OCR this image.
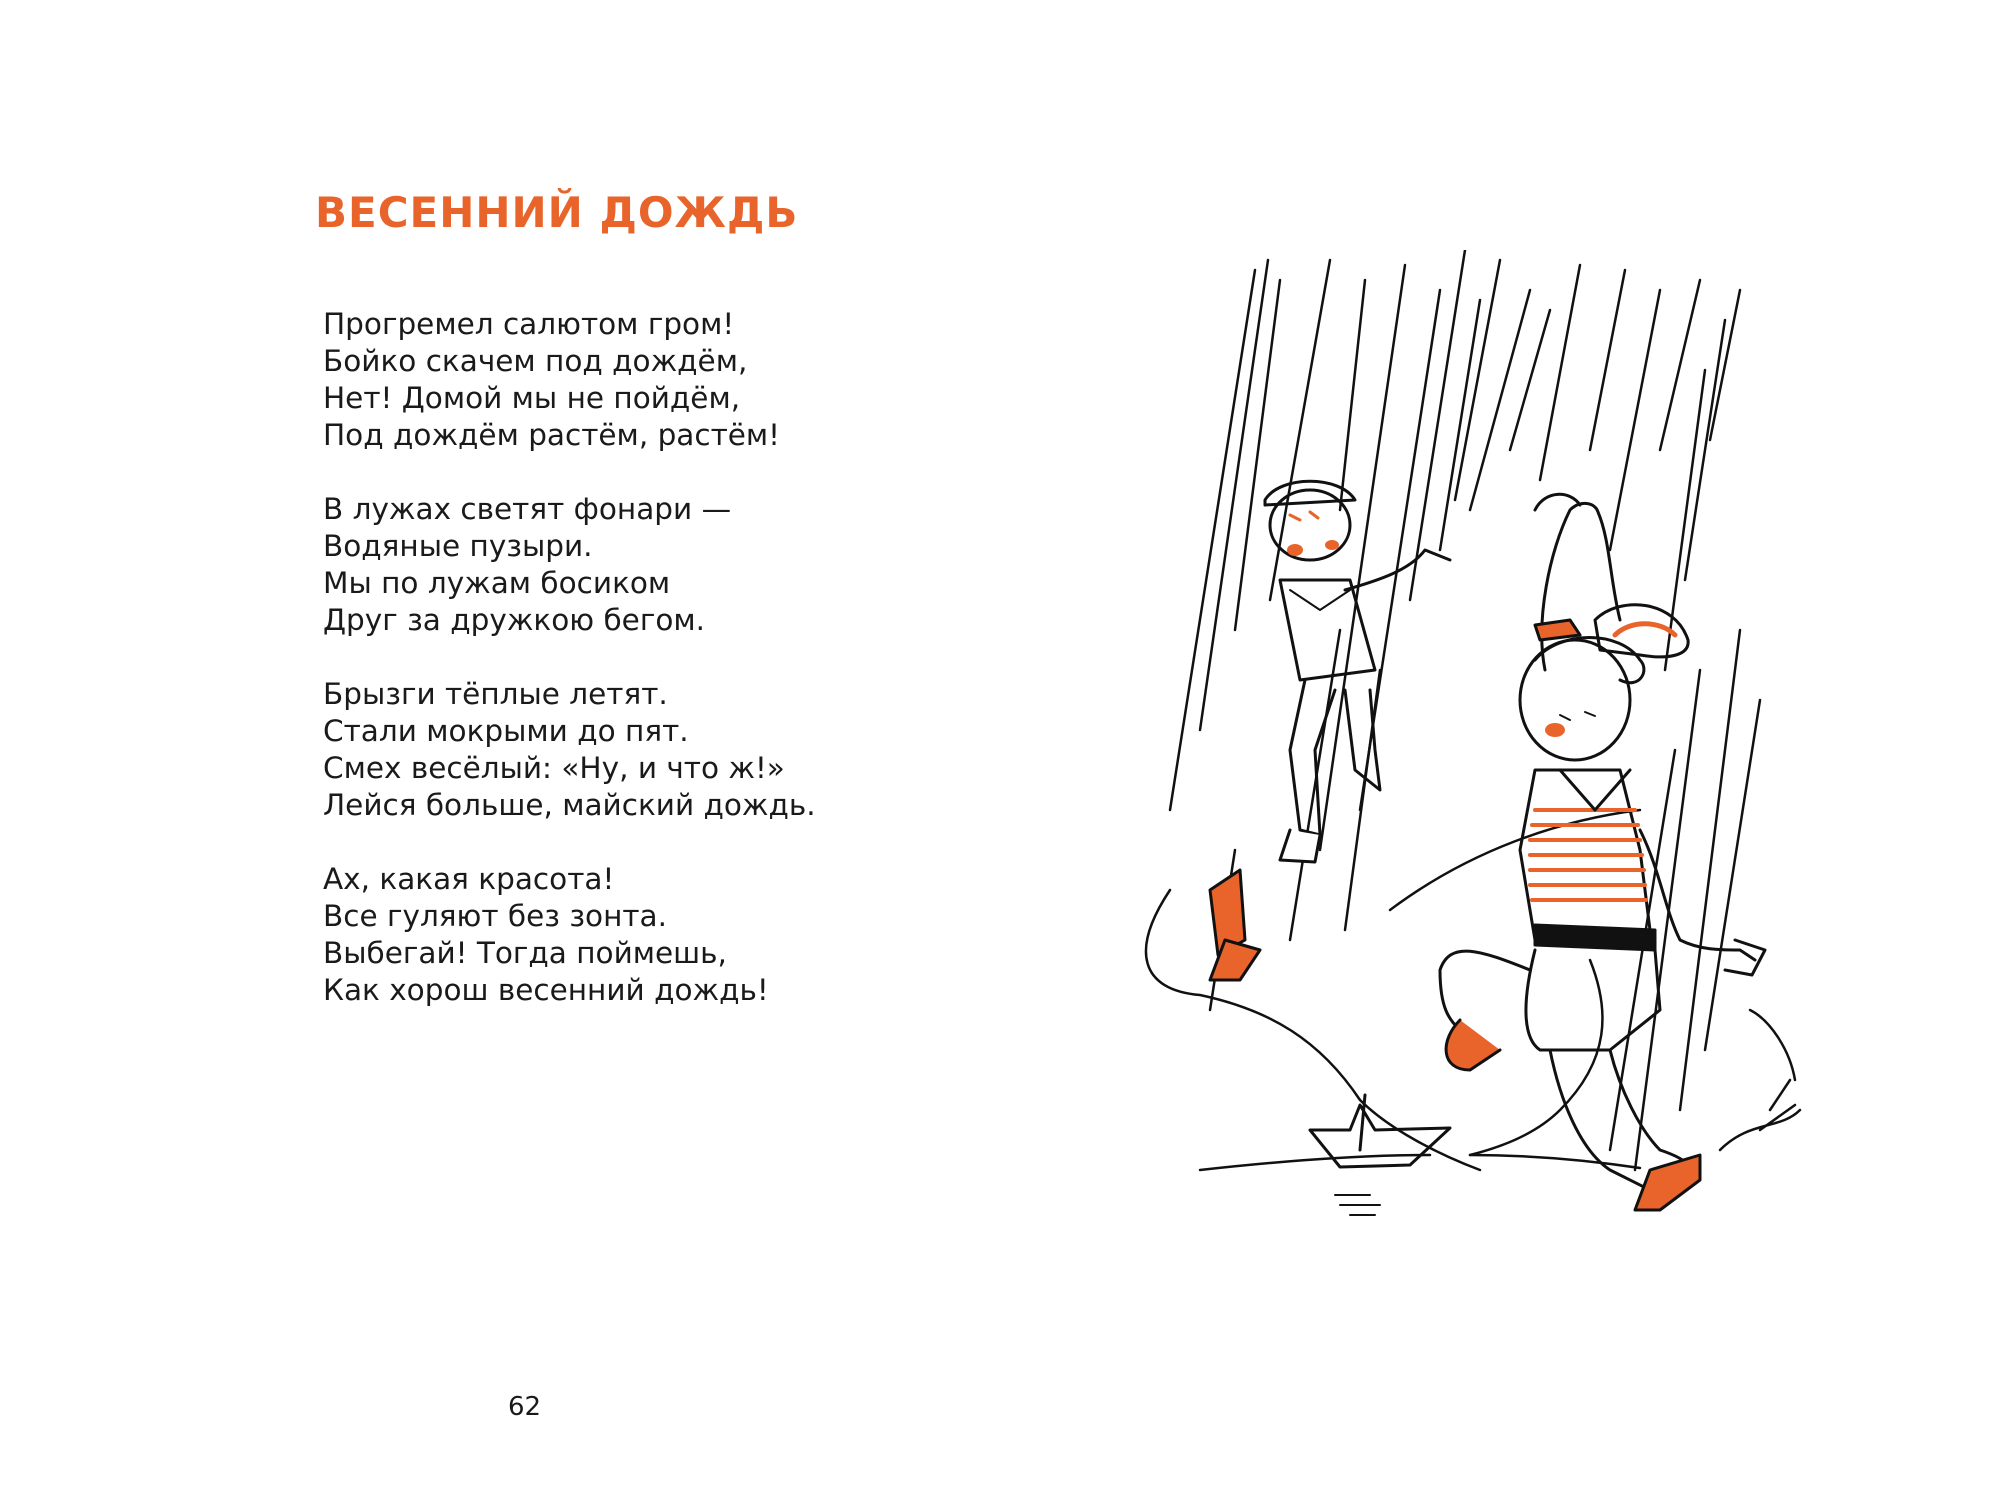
ВЕСЕННИЙ ДОЖДЬ
Прогремел салютом гром!
Бойко скачем под дождём,
Нет! Домой мы не пойдём,
Под дождём растём, растём!
В лужах светят фонари —
Водяные пузыри.
Мы по лужам босиком
Друг за дружкою бегом.
Брызги тёплые летят.
Стали мокрыми до пят.
Смех весёлый: «Ну, и что ж!»
Лейся больше, майский дождь.
Ах, какая красота!
Все гуляют без зонта.
Выбегай! Тогда поймешь,
Как хорош весенний дождь!
62
